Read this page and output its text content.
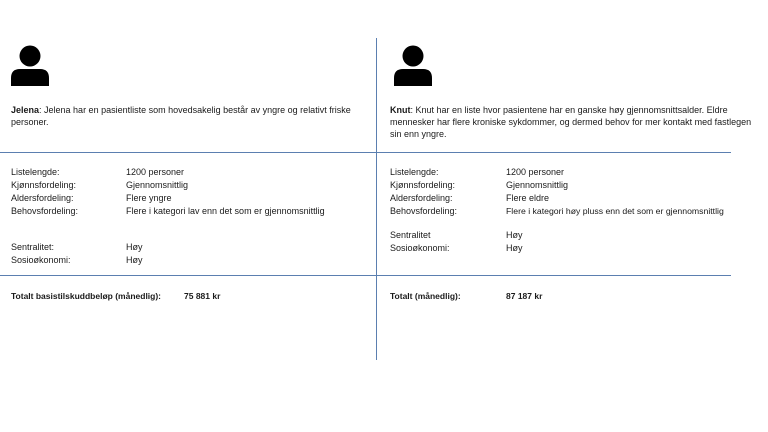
Jelena: Jelena har en pasientliste som hovedsakelig består av yngre og relativt friske personer.
Listelengde:	1200 personer
Kjønnsfordeling:	Gjennomsnittlig
Aldersfordeling:	Flere yngre
Behovsfordeling:	Flere i kategori lav enn det som er gjennomsnittlig
Sentralitet:	Høy
Sosioøkonomi:	Høy
Totalt basistilskuddbeløp (månedlig):	75 881 kr
Knut: Knut har en liste hvor pasientene har en ganske høy gjennomsnittsalder. Eldre mennesker har flere kroniske sykdommer, og dermed behov for mer kontakt med fastlegen sin enn yngre.
Listelengde:	1200 personer
Kjønnsfordeling:	Gjennomsnittlig
Aldersfordeling:	Flere eldre
Behovsfordeling:	Flere i kategori høy pluss enn det som er gjennomsnittlig
Sentralitet	Høy
Sosioøkonomi:	Høy
Totalt (månedlig):	87 187 kr
